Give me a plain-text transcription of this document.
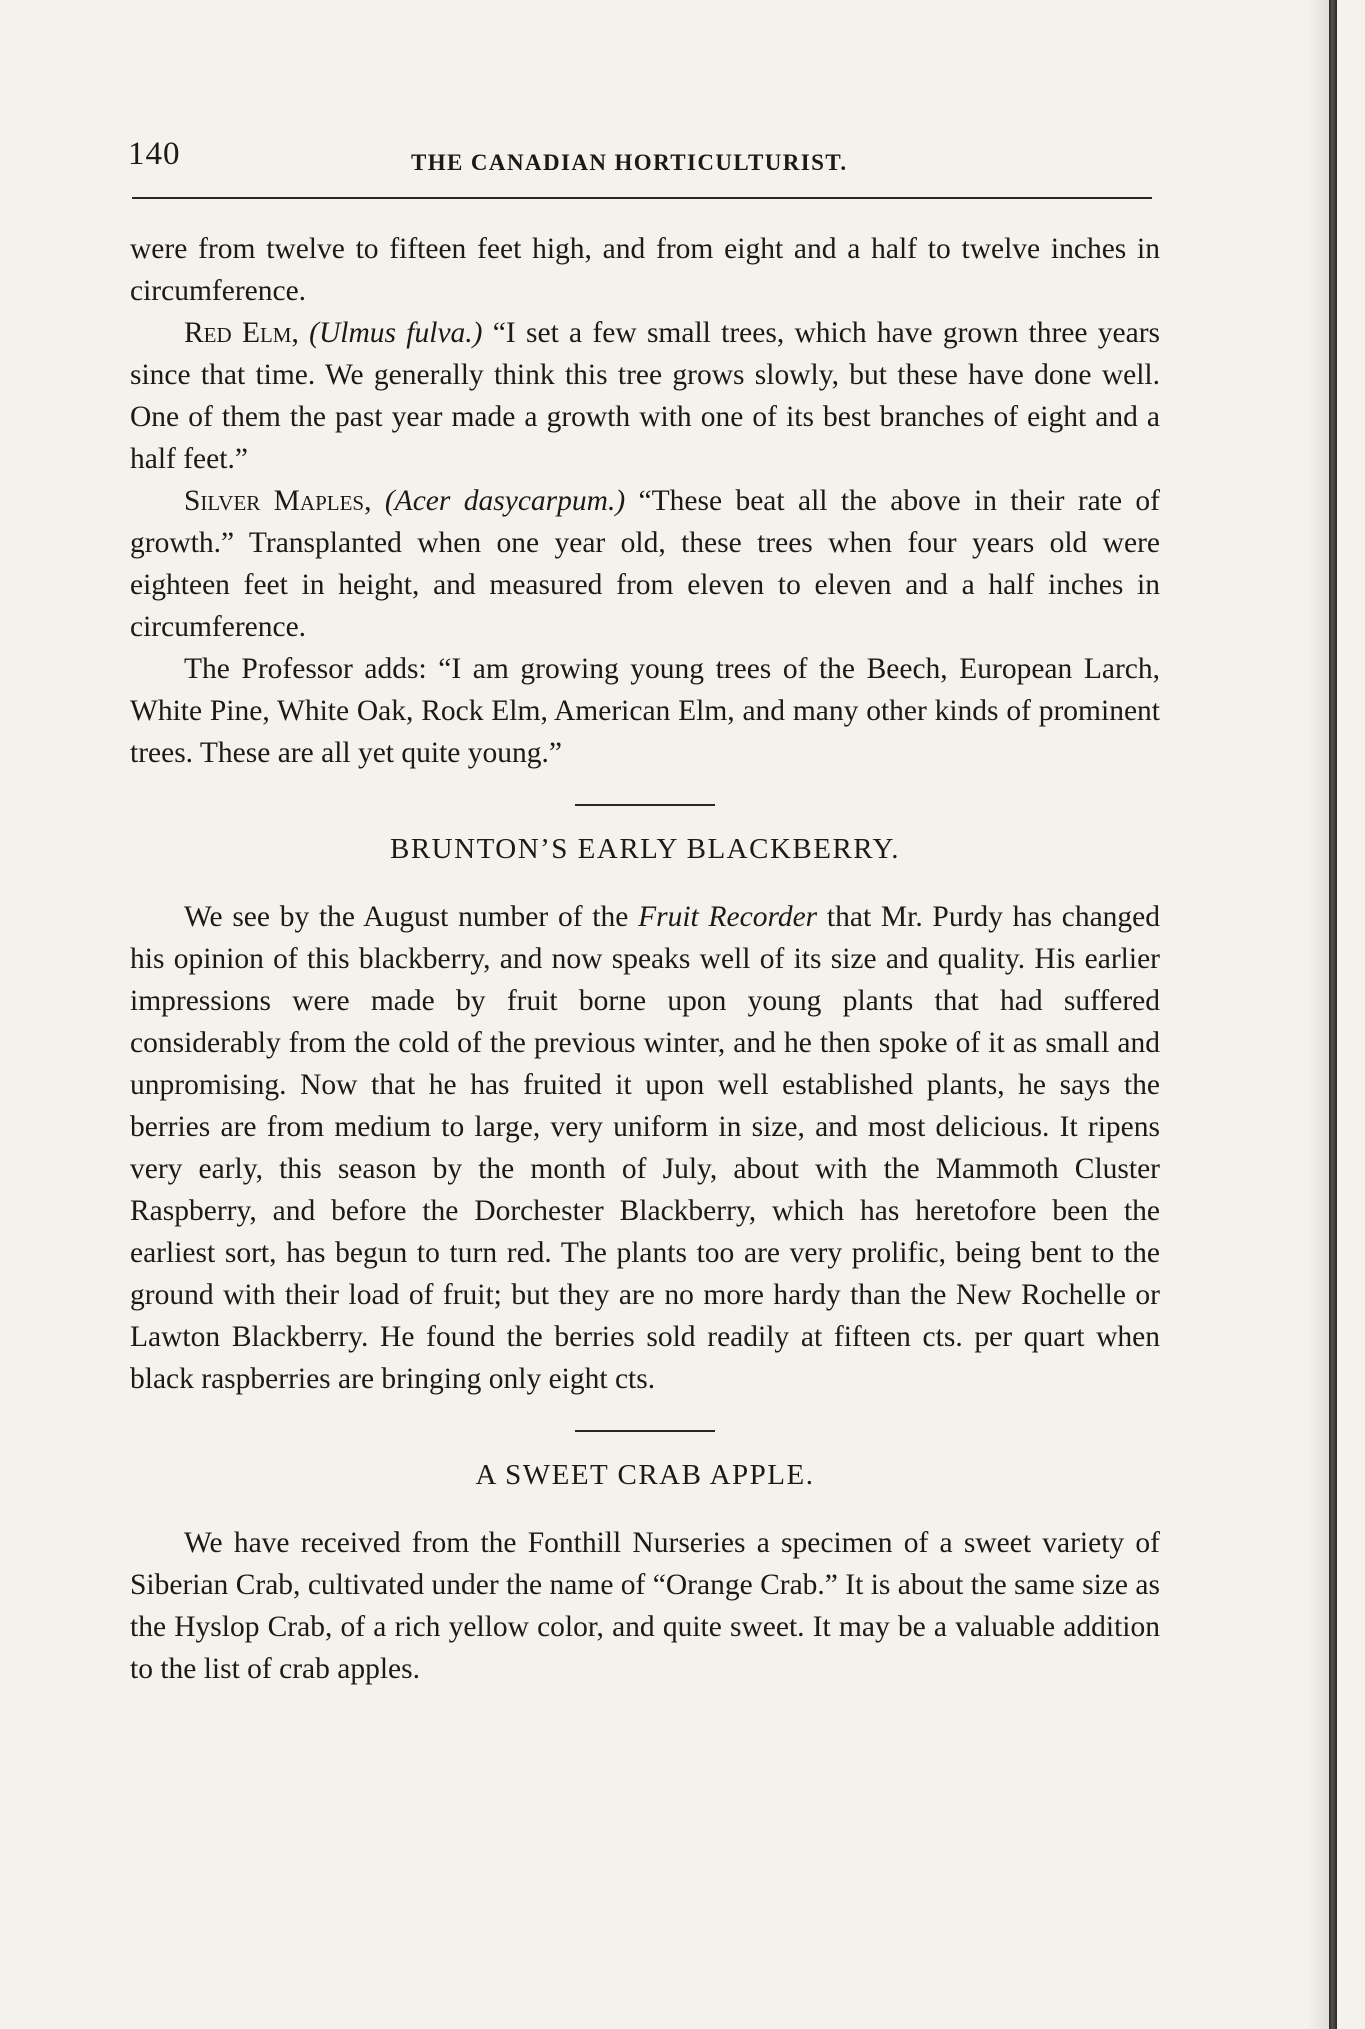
140	THE CANADIAN HORTICULTURIST.

were from twelve to fifteen feet high, and from eight and a half to twelve inches in circumference.

Red Elm, (Ulmus fulva.) “I set a few small trees, which have grown three years since that time. We generally think this tree grows slowly, but these have done well. One of them the past year made a growth with one of its best branches of eight and a half feet.”

Silver Maples, (Acer dasycarpum.) “These beat all the above in their rate of growth.” Transplanted when one year old, these trees when four years old were eighteen feet in height, and measured from eleven to eleven and a half inches in circumference.

The Professor adds: “I am growing young trees of the Beech, European Larch, White Pine, White Oak, Rock Elm, American Elm, and many other kinds of prominent trees. These are all yet quite young.”

BRUNTON’S EARLY BLACKBERRY.

We see by the August number of the Fruit Recorder that Mr. Purdy has changed his opinion of this blackberry, and now speaks well of its size and quality. His earlier impressions were made by fruit borne upon young plants that had suffered considerably from the cold of the previous winter, and he then spoke of it as small and unpromising. Now that he has fruited it upon well established plants, he says the berries are from medium to large, very uniform in size, and most delicious. It ripens very early, this season by the month of July, about with the Mammoth Cluster Raspberry, and before the Dorchester Blackberry, which has heretofore been the earliest sort, has begun to turn red. The plants too are very prolific, being bent to the ground with their load of fruit; but they are no more hardy than the New Rochelle or Lawton Blackberry. He found the berries sold readily at fifteen cts. per quart when black raspberries are bringing only eight cts.

A SWEET CRAB APPLE.

We have received from the Fonthill Nurseries a specimen of a sweet variety of Siberian Crab, cultivated under the name of “Orange Crab.” It is about the same size as the Hyslop Crab, of a rich yellow color, and quite sweet. It may be a valuable addition to the list of crab apples.
